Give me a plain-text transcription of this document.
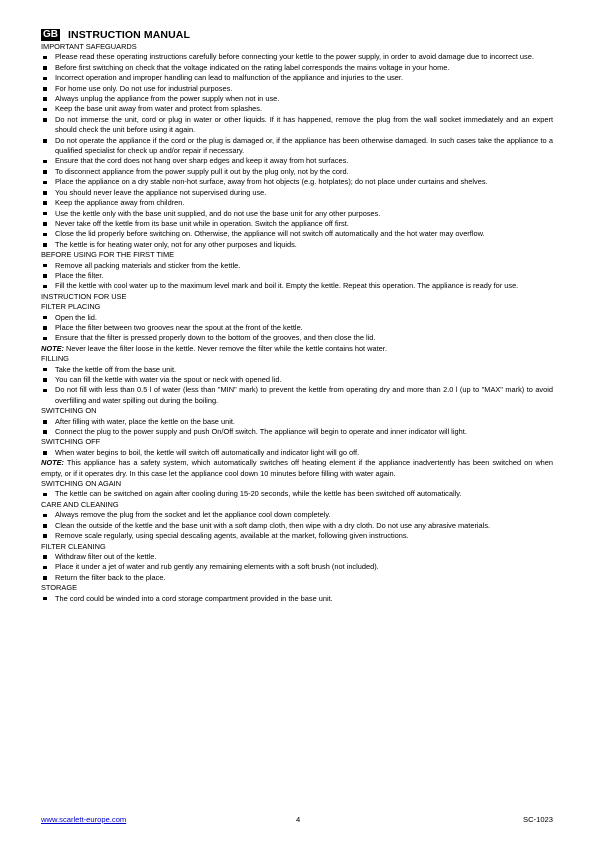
GB INSTRUCTION MANUAL
IMPORTANT SAFEGUARDS
Please read these operating instructions carefully before connecting your kettle to the power supply, in order to avoid damage due to incorrect use.
Before first switching on check that the voltage indicated on the rating label corresponds the mains voltage in your home.
Incorrect operation and improper handling can lead to malfunction of the appliance and injuries to the user.
For home use only. Do not use for industrial purposes.
Always unplug the appliance from the power supply when not in use.
Keep the base unit away from water and protect from splashes.
Do not immerse the unit, cord or plug in water or other liquids. If it has happened, remove the plug from the wall socket immediately and an expert should check the unit before using it again.
Do not operate the appliance if the cord or the plug is damaged or, if the appliance has been otherwise damaged. In such cases take the appliance to a qualified specialist for check up and/or repair if necessary.
Ensure that the cord does not hang over sharp edges and keep it away from hot surfaces.
To disconnect appliance from the power supply pull it out by the plug only, not by the cord.
Place the appliance on a dry stable non-hot surface, away from hot objects (e.g. hotplates); do not place under curtains and shelves.
You should never leave the appliance not supervised during use.
Keep the appliance away from children.
Use the kettle only with the base unit supplied, and do not use the base unit for any other purposes.
Never take off the kettle from its base unit while in operation. Switch the appliance off first.
Close the lid properly before switching on. Otherwise, the appliance will not switch off automatically and the hot water may overflow.
The kettle is for heating water only, not for any other purposes and liquids.
BEFORE USING FOR THE FIRST TIME
Remove all packing materials and sticker from the kettle.
Place the filter.
Fill the kettle with cool water up to the maximum level mark and boil it. Empty the kettle. Repeat this operation. The appliance is ready for use.
INSTRUCTION FOR USE
FILTER PLACING
Open the lid.
Place the filter between two grooves near the spout at the front of the kettle.
Ensure that the filter is pressed properly down to the bottom of the grooves, and then close the lid.

NOTE: Never leave the filter loose in the kettle. Never remove the filter while the kettle contains hot water.

FILLING
Take the kettle off from the base unit.
You can fill the kettle with water via the spout or neck with opened lid.
Do not fill with less than 0.5 l of water (less than "MIN" mark) to prevent the kettle from operating dry and more than 2.0 l (up to "MAX" mark) to avoid overfilling and water spilling out during the boiling.
SWITCHING ON
After filling with water, place the kettle on the base unit.
Connect the plug to the power supply and push On/Off switch. The appliance will begin to operate and inner indicator will light.
SWITCHING OFF
When water begins to boil, the kettle will switch off automatically and indicator light will go off.

NOTE: This appliance has a safety system, which automatically switches off heating element if the appliance inadvertently has been switched on when empty, or if it operates dry. In this case let the appliance cool down 10 minutes before filling with water again.

SWITCHING ON AGAIN
The kettle can be switched on again after cooling during 15-20 seconds, while the kettle has been switched off automatically.
CARE AND CLEANING
Always remove the plug from the socket and let the appliance cool down completely.
Clean the outside of the kettle and the base unit with a soft damp cloth, then wipe with a dry cloth. Do not use any abrasive materials.
Remove scale regularly, using special descaling agents, available at the market, following given instructions.
FILTER CLEANING
Withdraw filter out of the kettle.
Place it under a jet of water and rub gently any remaining elements with a soft brush (not included).
Return the filter back to the place.
STORAGE
The cord could be winded into a cord storage compartment provided in the base unit.
www.scarlett-europe.com	4	SC-1023
